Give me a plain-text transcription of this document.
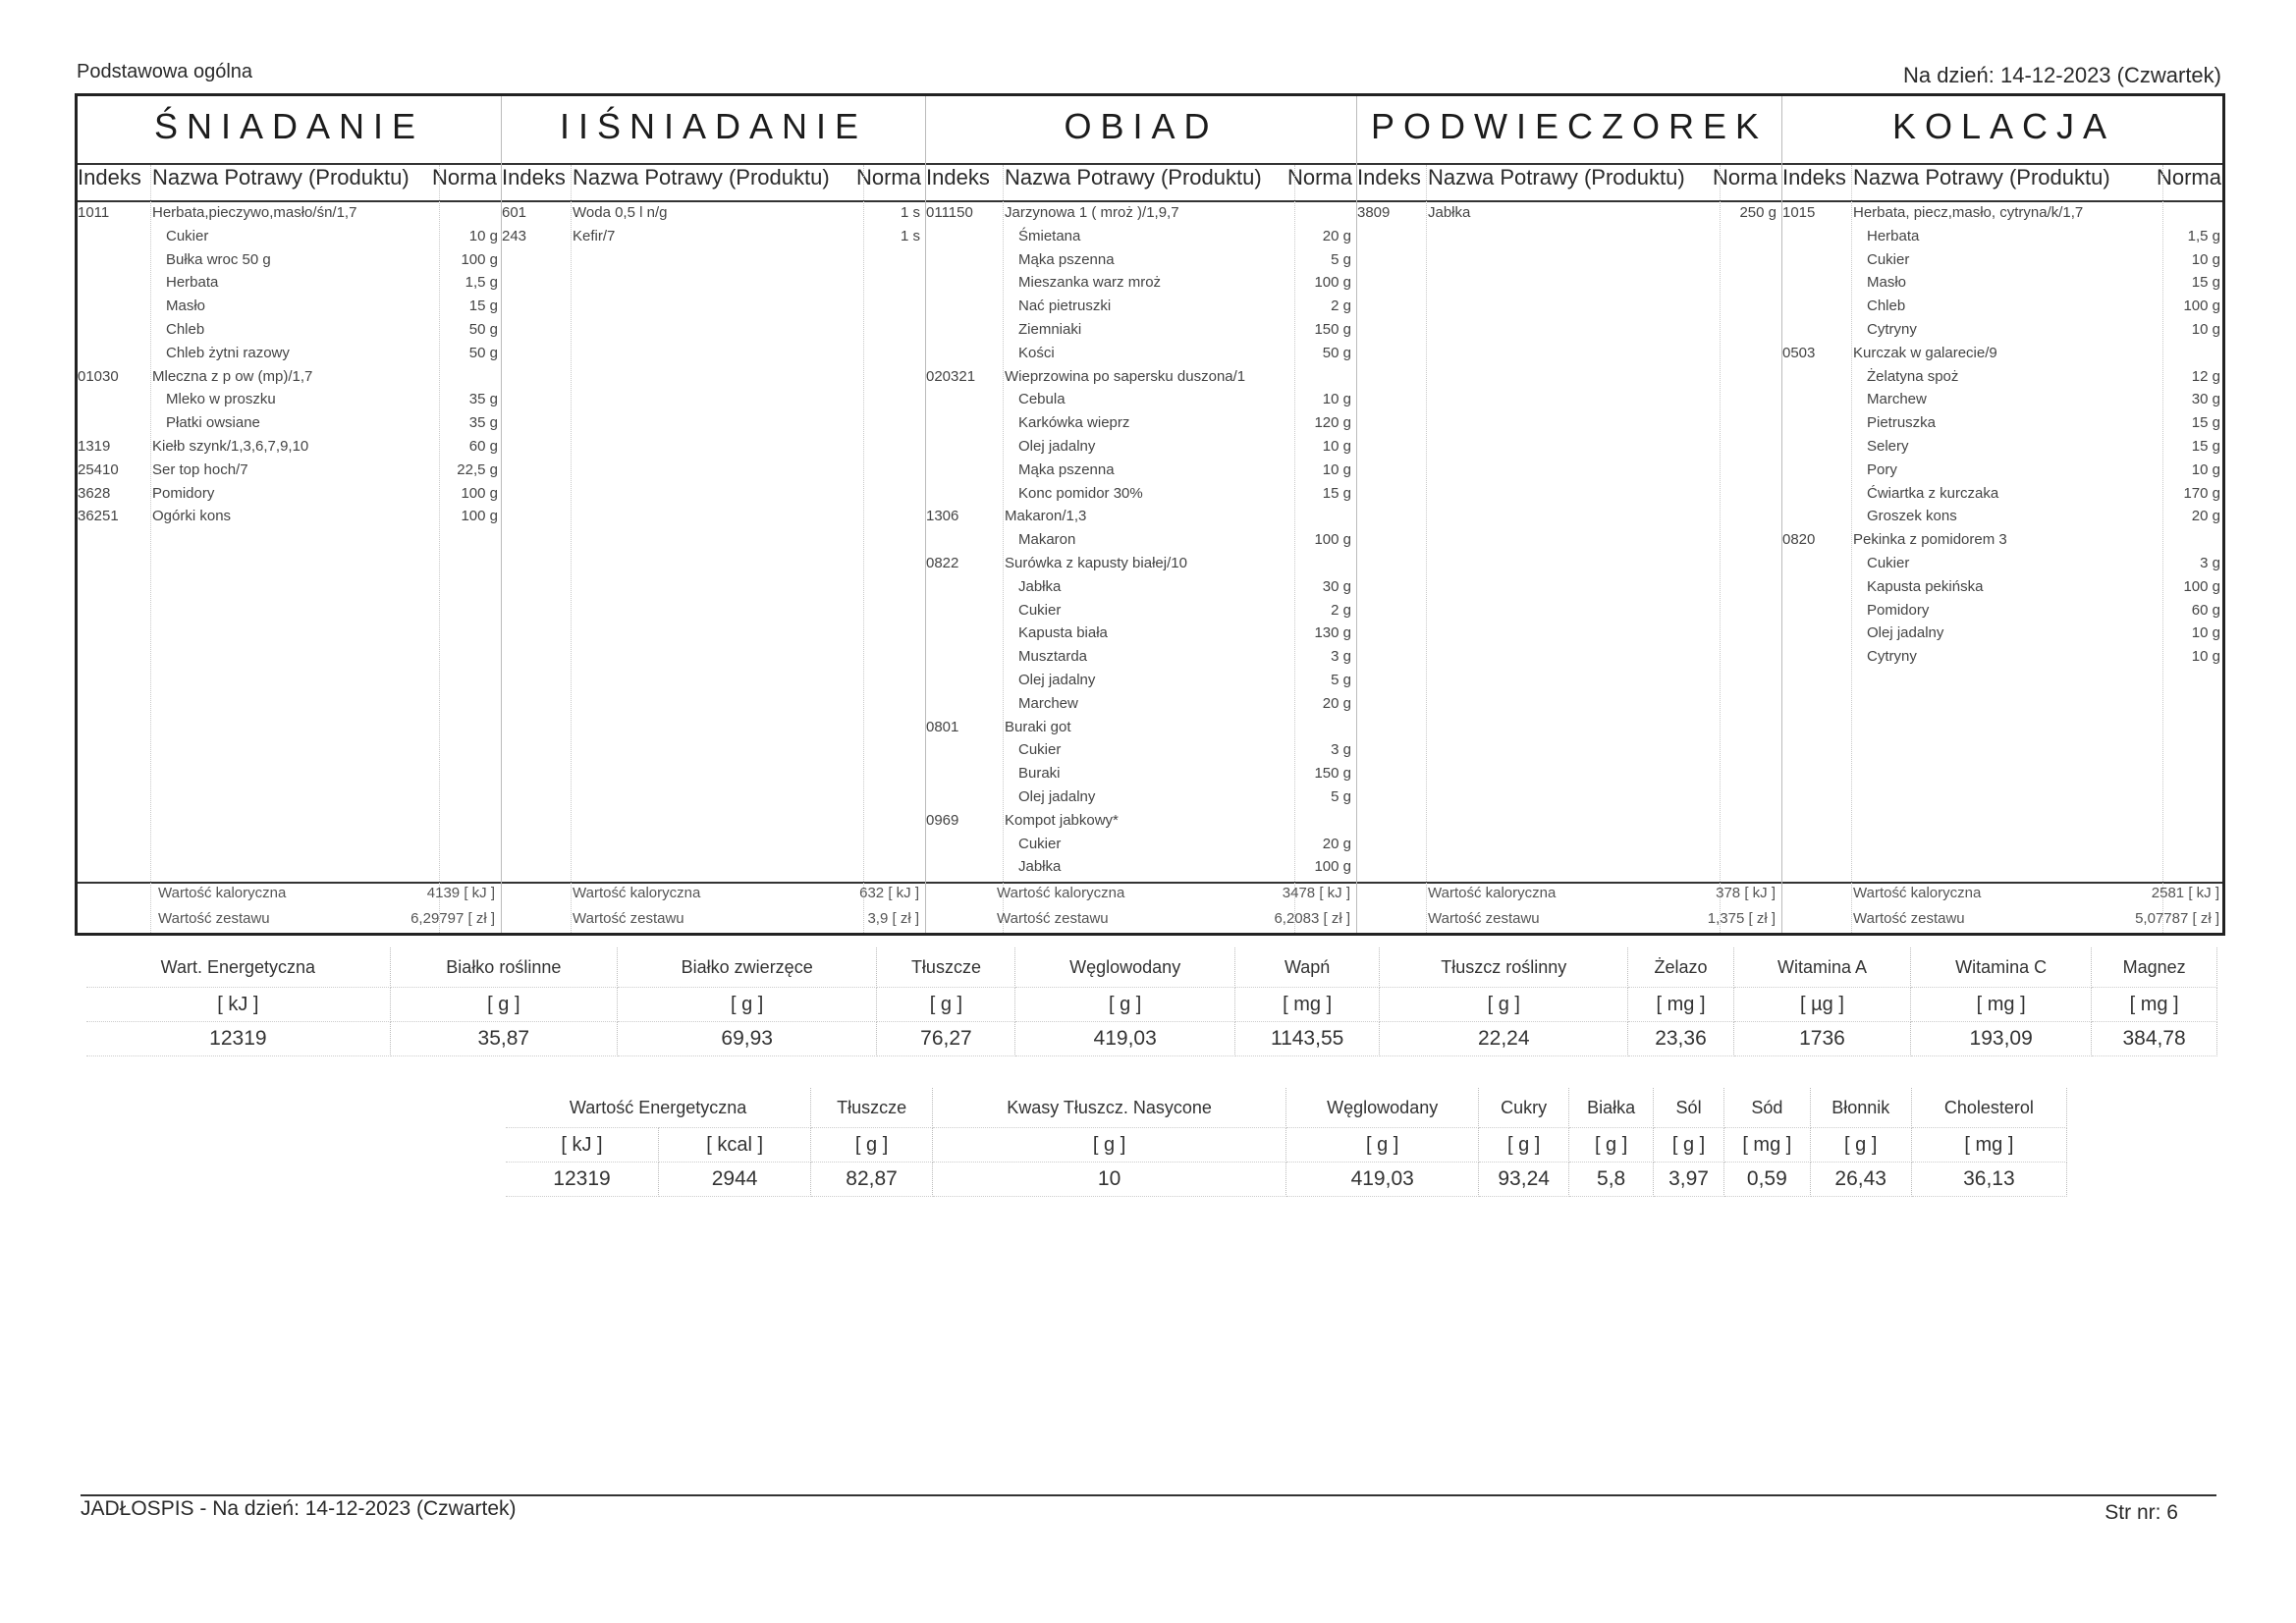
Podstawowa ogólna	Na dzień: 14-12-2023 (Czwartek)
ŚNIADANIE
Indeks Nazwa Potrawy (Produktu) Norma
1011	Herbata,pieczywo,masło/śn/1,7
Cukier	10 g
Bułka wroc 50 g	100 g
Herbata	1,5 g
Masło	15 g
Chleb	50 g
Chleb żytni razowy	50 g
01030 Mleczna z p ow (mp)/1,7
Mleko w proszku	35 g
Płatki owsiane	35 g
1319	Kiełb szynk/1,3,6,7,9,10	60 g
25410 Ser top hoch/7	22,5 g
3628	Pomidory	100 g
36251 Ogórki kons	100 g
Wartość kaloryczna	4139 [ kJ ]
Wartość zestawu	6,29797 [ zł ]
IIŚNIADANIE
Indeks Nazwa Potrawy (Produktu) Norma
601	Woda 0,5 l n/g	1 s
243	Kefir/7	1 s
Wartość kaloryczna	632 [ kJ ]
Wartość zestawu	3,9 [ zł ]
OBIAD
Indeks Nazwa Potrawy (Produktu) Norma
011150 Jarzynowa 1 ( mroż )/1,9,7
Śmietana	20 g
Mąka pszenna	5 g
Mieszanka warz mroż	100 g
Nać pietruszki	2 g
Ziemniaki	150 g
Kości	50 g
020321 Wieprzowina po sapersku duszona/1
Cebula	10 g
Karkówka wieprz	120 g
Olej jadalny	10 g
Mąka pszenna	10 g
Konc pomidor 30%	15 g
1306	Makaron/1,3
Makaron	100 g
0822	Surówka z kapusty białej/10
Jabłka	30 g
Cukier	2 g
Kapusta biała	130 g
Musztarda	3 g
Olej jadalny	5 g
Marchew	20 g
0801	Buraki got
Cukier	3 g
Buraki	150 g
Olej jadalny	5 g
0969	Kompot jabkowy*
Cukier	20 g
Jabłka	100 g
Wartość kaloryczna	3478 [ kJ ]
Wartość zestawu	6,2083 [ zł ]
PODWIECZOREK
Indeks Nazwa Potrawy (Produktu) Norma
3809	Jabłka	250 g
Wartość kaloryczna	378 [ kJ ]
Wartość zestawu	1,375 [ zł ]
KOLACJA
Indeks Nazwa Potrawy (Produktu) Norma
1015	Herbata, piecz,masło, cytryna/k/1,7
Herbata	1,5 g
Cukier	10 g
Masło	15 g
Chleb	100 g
Cytryny	10 g
0503	Kurczak w galarecie/9
Żelatyna spoż	12 g
Marchew	30 g
Pietruszka	15 g
Selery	15 g
Pory	10 g
Ćwiartka z kurczaka	170 g
Groszek kons	20 g
0820	Pekinka z pomidorem 3
Cukier	3 g
Kapusta pekińska	100 g
Pomidory	60 g
Olej jadalny	10 g
Cytryny	10 g
Wartość kaloryczna	2581 [ kJ ]
Wartość zestawu	5,07787 [ zł ]
Wart. Energetyczna	Białko roślinne	Białko zwierzęce	Tłuszcze	Węglowodany	Wapń	Tłuszcz roślinny	Żelazo	Witamina A	Witamina C	Magnez
[ kJ ]	[ g ]	[ g ]	[ g ]	[ g ]	[ mg ]	[ g ]	[ mg ]	[ µg ]	[ mg ]	[ mg ]
12319	35,87	69,93	76,27	419,03	1143,55	22,24	23,36	1736	193,09	384,78
Wartość Energetyczna		Tłuszcze	Kwasy Tłuszcz. Nasycone	Węglowodany	Cukry	Białka	Sól	Sód	Błonnik	Cholesterol
[ kJ ]	[ kcal ]	[ g ]	[ g ]	[ g ]	[ g ]	[ g ]	[ g ]	[ mg ]	[ g ]	[ mg ]
12319	2944	82,87	10	419,03	93,24	5,8	3,97	0,59	26,43	36,13
JADŁOSPIS - Na dzień: 14-12-2023 (Czwartek)	Str nr: 6
